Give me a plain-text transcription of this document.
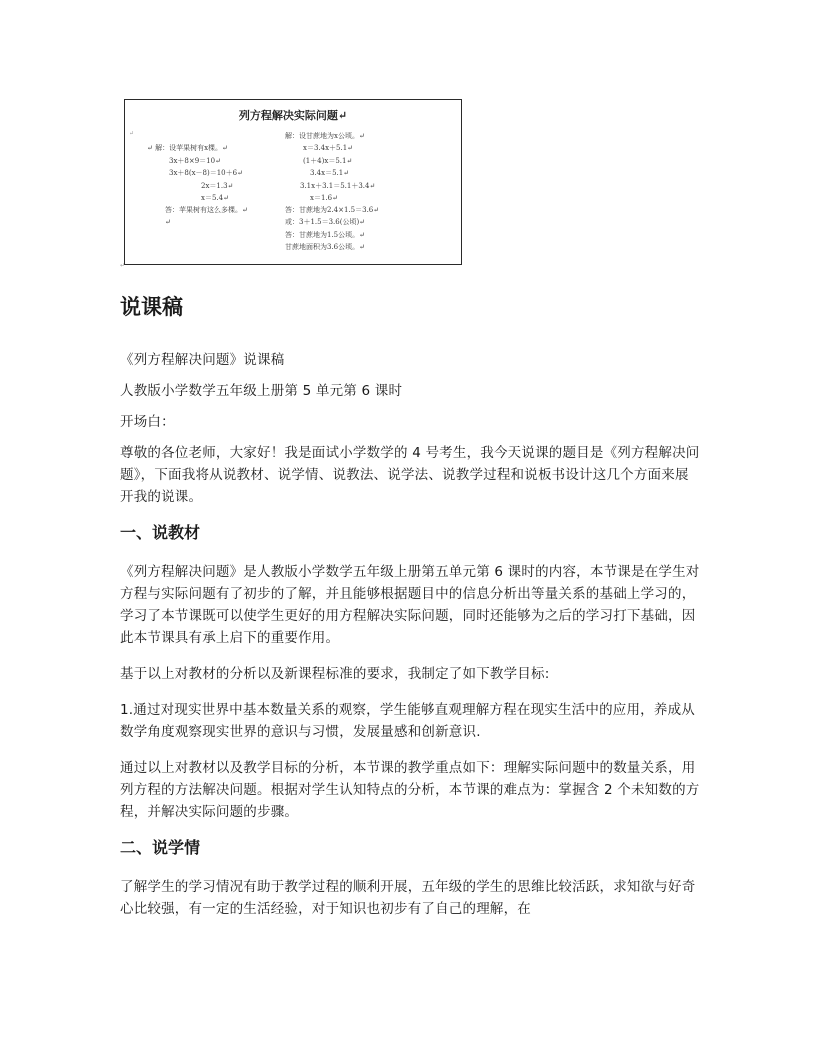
列方程解决实际问题↵
↵
↵ 解：设苹果树有x棵。↵
3x＋8×9＝10↵
3x＋8(x－8)＝10＋6↵
2x＝1.3↵
x＝5.4↵
答：苹果树有这么多棵。↵
↵
解：设甘蔗地为x公顷。↵
x＝3.4x＋5.1↵
(1＋4)x＝5.1↵
3.4x＝5.1↵
3.1x＋3.1＝5.1＋3.4↵
x＝1.6↵
答：甘蔗地为2.4×1.5＝3.6↵
或：3＋1.5＝3.6(公顷)↵
答：甘蔗地为1.5公顷。↵
甘蔗地面积为3.6公顷。↵
↵
说课稿

《列方程解决问题》说课稿

人教版小学数学五年级上册第 5 单元第 6 课时

开场白：

尊敬的各位老师，大家好！我是面试小学数学的 4 号考生，我今天说课的题目是《列方程解决问题》，下面我将从说教材、说学情、说教法、说学法、说教学过程和说板书设计这几个方面来展开我的说课。

一、说教材

《列方程解决问题》是人教版小学数学五年级上册第五单元第 6 课时的内容，本节课是在学生对方程与实际问题有了初步的了解，并且能够根据题目中的信息分析出等量关系的基础上学习的，学习了本节课既可以使学生更好的用方程解决实际问题，同时还能够为之后的学习打下基础，因此本节课具有承上启下的重要作用。

基于以上对教材的分析以及新课程标准的要求，我制定了如下教学目标:

1.通过对现实世界中基本数量关系的观察，学生能够直观理解方程在现实生活中的应用，养成从数学角度观察现实世界的意识与习惯，发展量感和创新意识.

通过以上对教材以及教学目标的分析，本节课的教学重点如下：理解实际问题中的数量关系，用列方程的方法解决问题。根据对学生认知特点的分析，本节课的难点为：掌握含 2 个未知数的方程，并解决实际问题的步骤。

二、说学情

了解学生的学习情况有助于教学过程的顺利开展，五年级的学生的思维比较活跃，求知欲与好奇心比较强，有一定的生活经验，对于知识也初步有了自己的理解，在
